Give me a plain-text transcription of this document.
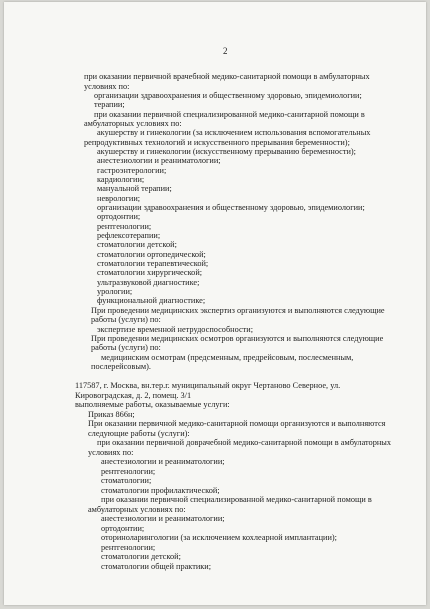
2
при оказании первичной врачебной медико-санитарной помощи в амбулаторных
условиях по:
организации здравоохранения и общественному здоровью, эпидемиологии;
терапии;
при оказании первичной специализированной медико-санитарной помощи в
амбулаторных условиях по:
акушерству и гинекологии (за исключением использования вспомогательных
репродуктивных технологий и искусственного прерывания беременности);
акушерству и гинекологии (искусственному прерыванию беременности);
анестезиологии и реаниматологии;
гастроэнтерологии;
кардиологии;
мануальной терапии;
неврологии;
организации здравоохранения и общественному здоровью, эпидемиологии;
ортодонтии;
рентгенологии;
рефлексотерапии;
стоматологии детской;
стоматологии ортопедической;
стоматологии терапевтической;
стоматологии хирургической;
ультразвуковой диагностике;
урологии;
функциональной диагностике;
При проведении медицинских экспертиз организуются и выполняются следующие
работы (услуги) по:
экспертизе временной нетрудоспособности;
При проведении медицинских осмотров организуются и выполняются следующие
работы (услуги) по:
медицинским осмотрам (предсменным, предрейсовым, послесменным,
послерейсовым).
117587, г. Москва, вн.тер.г. муниципальный округ Чертаново Северное, ул.
Кировоградская, д. 2, помещ. 3/1
выполняемые работы, оказываемые услуги:
Приказ 866н;
При оказании первичной медико-санитарной помощи организуются и выполняются
следующие работы (услуги):
при оказании первичной доврачебной медико-санитарной помощи в амбулаторных
условиях по:
анестезиологии и реаниматологии;
рентгенологии;
стоматологии;
стоматологии профилактической;
при оказании первичной специализированной медико-санитарной помощи в
амбулаторных условиях по:
анестезиологии и реаниматологии;
ортодонтии;
оториноларингологии (за исключением кохлеарной имплантации);
рентгенологии;
стоматологии детской;
стоматологии общей практики;
